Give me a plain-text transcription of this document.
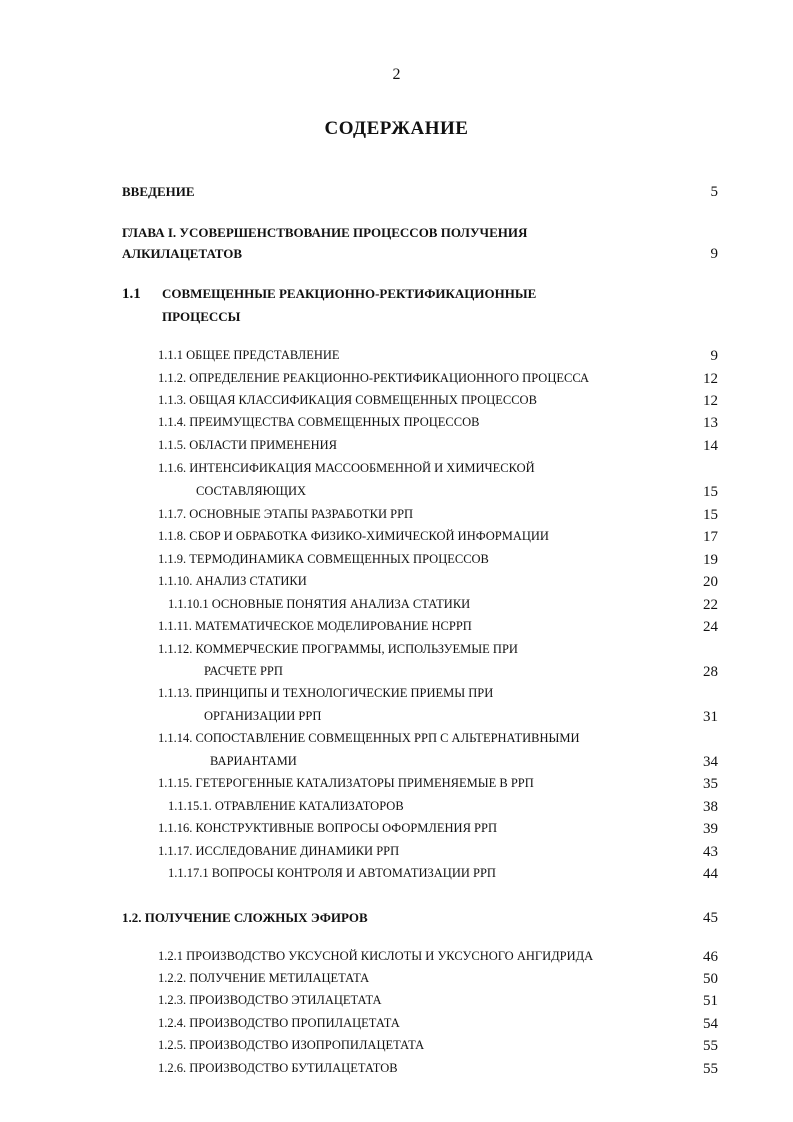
2
СОДЕРЖАНИЕ
ВВЕДЕНИЕ	5
ГЛАВА I. УСОВЕРШЕНСТВОВАНИЕ ПРОЦЕССОВ ПОЛУЧЕНИЯ
АЛКИЛАЦЕТАТОВ	9
1.1 СОВМЕЩЕННЫЕ РЕАКЦИОННО-РЕКТИФИКАЦИОННЫЕ
ПРОЦЕССЫ
1.1.1 ОБЩЕЕ ПРЕДСТАВЛЕНИЕ	9
1.1.2. ОПРЕДЕЛЕНИЕ РЕАКЦИОННО-РЕКТИФИКАЦИОННОГО ПРОЦЕССА	12
1.1.3. ОБЩАЯ КЛАССИФИКАЦИЯ СОВМЕЩЕННЫХ ПРОЦЕССОВ	12
1.1.4. ПРЕИМУЩЕСТВА СОВМЕЩЕННЫХ ПРОЦЕССОВ	13
1.1.5. ОБЛАСТИ ПРИМЕНЕНИЯ	14
1.1.6. ИНТЕНСИФИКАЦИЯ МАССООБМЕННОЙ И ХИМИЧЕСКОЙ
СОСТАВЛЯЮЩИХ	15
1.1.7. ОСНОВНЫЕ ЭТАПЫ РАЗРАБОТКИ РРП	15
1.1.8. СБОР И ОБРАБОТКА ФИЗИКО-ХИМИЧЕСКОЙ ИНФОРМАЦИИ	17
1.1.9. ТЕРМОДИНАМИКА СОВМЕЩЕННЫХ ПРОЦЕССОВ	19
1.1.10. АНАЛИЗ СТАТИКИ	20
1.1.10.1 ОСНОВНЫЕ ПОНЯТИЯ АНАЛИЗА СТАТИКИ	22
1.1.11. МАТЕМАТИЧЕСКОЕ МОДЕЛИРОВАНИЕ НСРРП	24
1.1.12. КОММЕРЧЕСКИЕ ПРОГРАММЫ, ИСПОЛЬЗУЕМЫЕ ПРИ
РАСЧЕТЕ РРП	28
1.1.13. ПРИНЦИПЫ И ТЕХНОЛОГИЧЕСКИЕ ПРИЕМЫ ПРИ
ОРГАНИЗАЦИИ РРП	31
1.1.14. СОПОСТАВЛЕНИЕ СОВМЕЩЕННЫХ РРП С АЛЬТЕРНАТИВНЫМИ
ВАРИАНТАМИ	34
1.1.15. ГЕТЕРОГЕННЫЕ КАТАЛИЗАТОРЫ ПРИМЕНЯЕМЫЕ В РРП	35
1.1.15.1. ОТРАВЛЕНИЕ КАТАЛИЗАТОРОВ	38
1.1.16. КОНСТРУКТИВНЫЕ ВОПРОСЫ ОФОРМЛЕНИЯ РРП	39
1.1.17. ИССЛЕДОВАНИЕ ДИНАМИКИ РРП	43
1.1.17.1 ВОПРОСЫ КОНТРОЛЯ И АВТОМАТИЗАЦИИ РРП	44
1.2. ПОЛУЧЕНИЕ СЛОЖНЫХ ЭФИРОВ	45
1.2.1 ПРОИЗВОДСТВО УКСУСНОЙ КИСЛОТЫ И УКСУСНОГО АНГИДРИДА	46
1.2.2. ПОЛУЧЕНИЕ МЕТИЛАЦЕТАТА	50
1.2.3. ПРОИЗВОДСТВО ЭТИЛАЦЕТАТА	51
1.2.4. ПРОИЗВОДСТВО ПРОПИЛАЦЕТАТА	54
1.2.5. ПРОИЗВОДСТВО ИЗОПРОПИЛАЦЕТАТА	55
1.2.6. ПРОИЗВОДСТВО БУТИЛАЦЕТАТОВ	55
